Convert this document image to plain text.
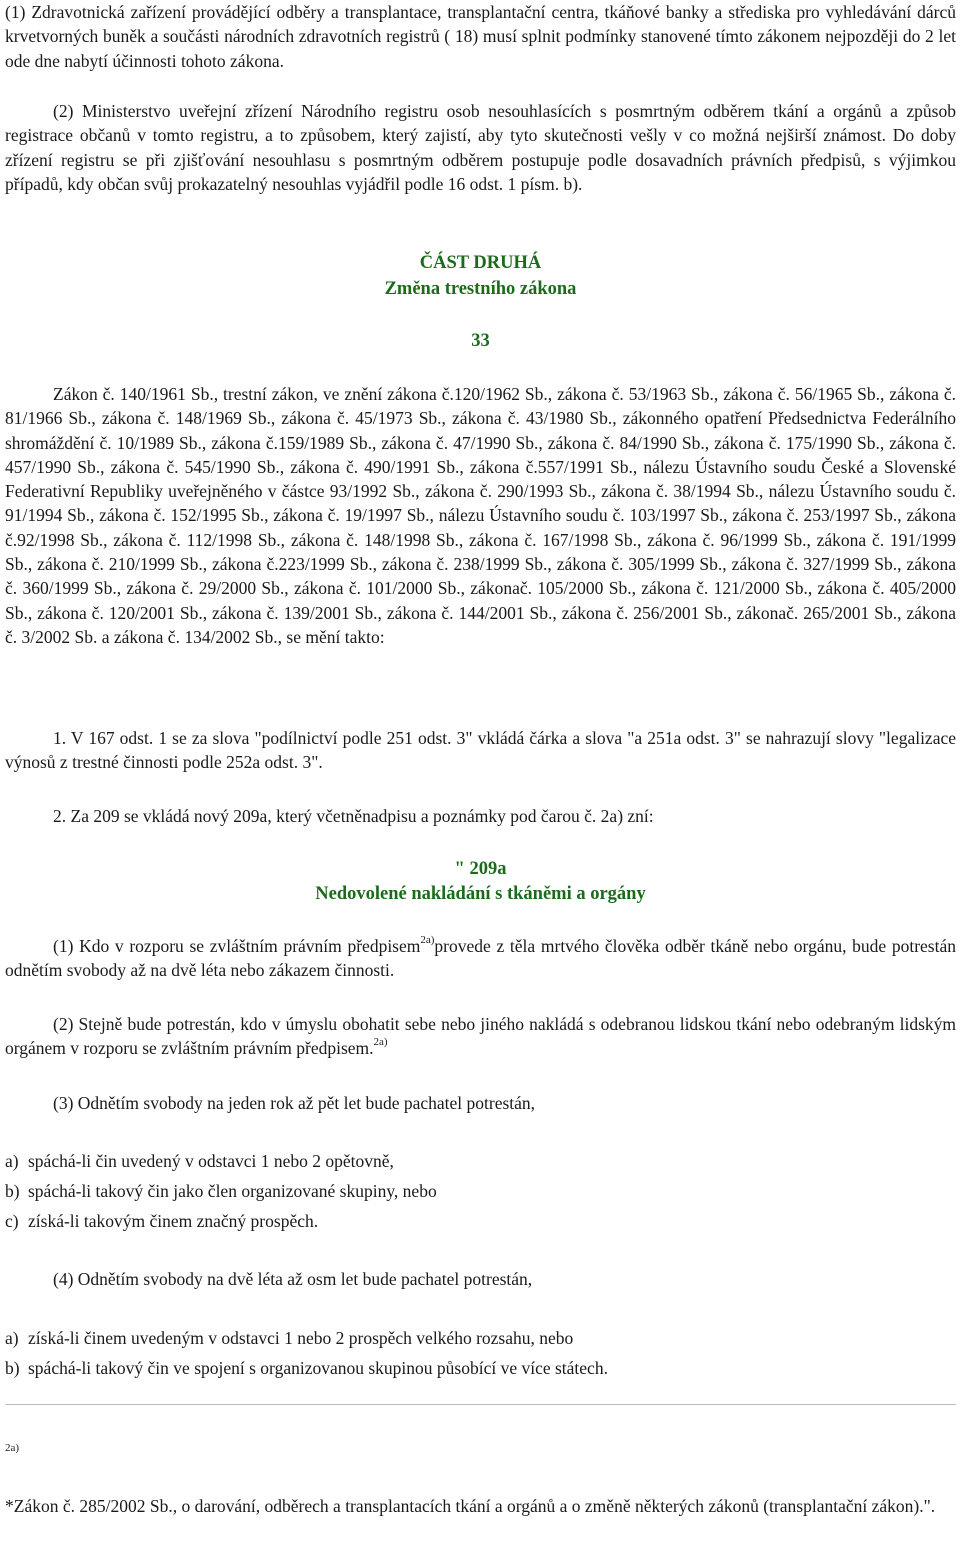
(1) Zdravotnická zařízení provádějící odběry a transplantace, transplantační centra, tkáňové banky a střediska pro vyhledávání dárců krvetvorných buněk a součásti národních zdravotních registrů ( 18) musí splnit podmínky stanovené tímto zákonem nejpozději do 2 let ode dne nabytí účinnosti tohoto zákona.

(2) Ministerstvo uveřejní zřízení Národního registru osob nesouhlasících s posmrtným odběrem tkání a orgánů a způsob registrace občanů v tomto registru, a to způsobem, který zajistí, aby tyto skutečnosti vešly v co možná nejširší známost. Do doby zřízení registru se při zjišťování nesouhlasu s posmrtným odběrem postupuje podle dosavadních právních předpisů, s výjimkou případů, kdy občan svůj prokazatelný nesouhlas vyjádřil podle 16 odst. 1 písm. b).

ČÁST DRUHÁ
Změna trestního zákona
33

Zákon č. 140/1961 Sb., trestní zákon, ve znění zákona č.120/1962 Sb., zákona č. 53/1963 Sb., zákona č. 56/1965 Sb., zákona č. 81/1966 Sb., zákona č. 148/1969 Sb., zákona č. 45/1973 Sb., zákona č. 43/1980 Sb., zákonného opatření Předsednictva Federálního shromáždění č. 10/1989 Sb., zákona č.159/1989 Sb., zákona č. 47/1990 Sb., zákona č. 84/1990 Sb., zákona č. 175/1990 Sb., zákona č. 457/1990 Sb., zákona č. 545/1990 Sb., zákona č. 490/1991 Sb., zákona č.557/1991 Sb., nálezu Ústavního soudu České a Slovenské Federativní Republiky uveřejněného v částce 93/1992 Sb., zákona č. 290/1993 Sb., zákona č. 38/1994 Sb., nálezu Ústavního soudu č. 91/1994 Sb., zákona č. 152/1995 Sb., zákona č. 19/1997 Sb., nálezu Ústavního soudu č. 103/1997 Sb., zákona č. 253/1997 Sb., zákona č.92/1998 Sb., zákona č. 112/1998 Sb., zákona č. 148/1998 Sb., zákona č. 167/1998 Sb., zákona č. 96/1999 Sb., zákona č. 191/1999 Sb., zákona č. 210/1999 Sb., zákona č.223/1999 Sb., zákona č. 238/1999 Sb., zákona č. 305/1999 Sb., zákona č. 327/1999 Sb., zákona č. 360/1999 Sb., zákona č. 29/2000 Sb., zákona č. 101/2000 Sb., zákonač. 105/2000 Sb., zákona č. 121/2000 Sb., zákona č. 405/2000 Sb., zákona č. 120/2001 Sb., zákona č. 139/2001 Sb., zákona č. 144/2001 Sb., zákona č. 256/2001 Sb., zákonač. 265/2001 Sb., zákona č. 3/2002 Sb. a zákona č. 134/2002 Sb., se mění takto:

1. V 167 odst. 1 se za slova "podílnictví podle 251 odst. 3" vkládá čárka a slova "a 251a odst. 3" se nahrazují slovy "legalizace výnosů z trestné činnosti podle 252a odst. 3".

2. Za 209 se vkládá nový 209a, který včetněnadpisu a poznámky pod čarou č. 2a) zní:

" 209a
Nedovolené nakládání s tkáněmi a orgány

(1) Kdo v rozporu se zvláštním právním předpisem$^{2a)}$provede z těla mrtvého člověka odběr tkáně nebo orgánu, bude potrestán odnětím svobody až na dvě léta nebo zákazem činnosti.

(2) Stejně bude potrestán, kdo v úmyslu obohatit sebe nebo jiného nakládá s odebranou lidskou tkání nebo odebraným lidským orgánem v rozporu se zvláštním právním předpisem.$^{2a)}$

(3) Odnětím svobody na jeden rok až pět let bude pachatel potrestán,

a) spáchá-li čin uvedený v odstavci 1 nebo 2 opětovně,
b) spáchá-li takový čin jako člen organizované skupiny, nebo
c) získá-li takovým činem značný prospěch.

(4) Odnětím svobody na dvě léta až osm let bude pachatel potrestán,

a) získá-li činem uvedeným v odstavci 1 nebo 2 prospěch velkého rozsahu, nebo
b) spáchá-li takový čin ve spojení s organizovanou skupinou působící ve více státech.
2a)

*Zákon č. 285/2002 Sb., o darování, odběrech a transplantacích tkání a orgánů a o změně některých zákonů (transplantační zákon).".
